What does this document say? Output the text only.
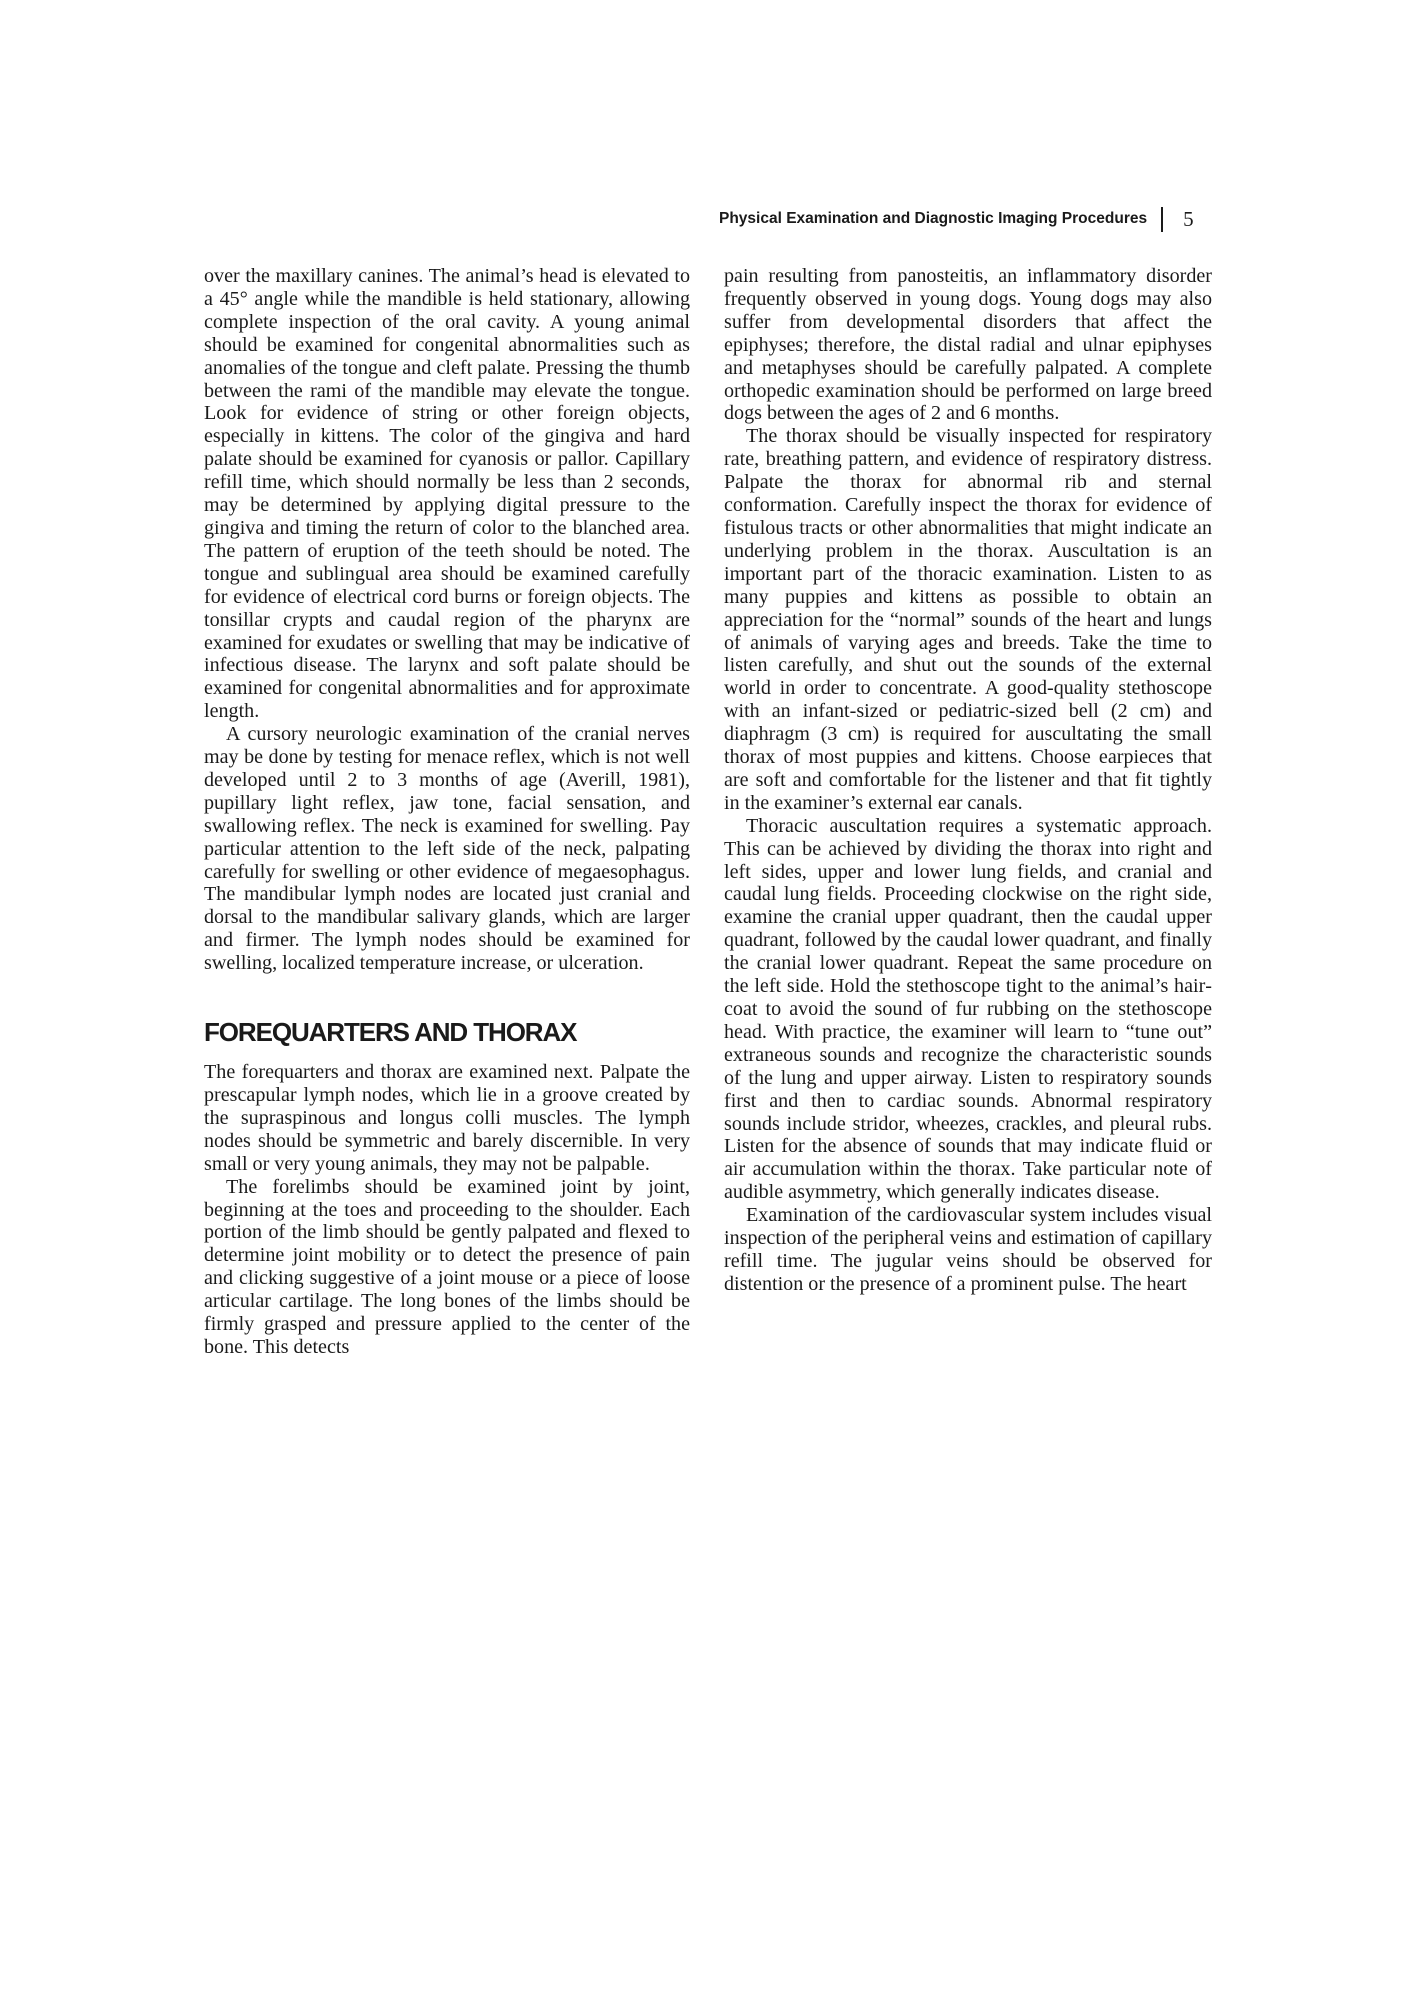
Physical Examination and Diagnostic Imaging Procedures 5

over the maxillary canines. The animal’s head is elevated to a 45° angle while the mandible is held stationary, allowing complete inspection of the oral cavity. A young animal should be examined for congenital abnormalities such as anomalies of the tongue and cleft palate. Pressing the thumb between the rami of the mandible may elevate the tongue. Look for evidence of string or other foreign objects, especially in kittens. The color of the gingiva and hard palate should be examined for cyanosis or pallor. Capillary refill time, which should normally be less than 2 seconds, may be determined by applying digital pressure to the gingiva and timing the return of color to the blanched area. The pattern of eruption of the teeth should be noted. The tongue and sublingual area should be examined carefully for evidence of electrical cord burns or foreign objects. The tonsillar crypts and caudal region of the pharynx are examined for exudates or swelling that may be indicative of infectious disease. The larynx and soft palate should be examined for congenital abnormalities and for approximate length.

A cursory neurologic examination of the cranial nerves may be done by testing for menace reflex, which is not well developed until 2 to 3 months of age (Averill, 1981), pupillary light reflex, jaw tone, facial sensation, and swallowing reflex. The neck is examined for swelling. Pay particular attention to the left side of the neck, palpating carefully for swelling or other evidence of megaesophagus. The mandibular lymph nodes are located just cranial and dorsal to the mandibular salivary glands, which are larger and firmer. The lymph nodes should be examined for swelling, localized temperature increase, or ulceration.

FOREQUARTERS AND THORAX

The forequarters and thorax are examined next. Palpate the prescapular lymph nodes, which lie in a groove created by the supraspinous and longus colli muscles. The lymph nodes should be symmetric and barely discernible. In very small or very young animals, they may not be palpable.

The forelimbs should be examined joint by joint, beginning at the toes and proceeding to the shoulder. Each portion of the limb should be gently palpated and flexed to determine joint mobility or to detect the presence of pain and clicking suggestive of a joint mouse or a piece of loose articular cartilage. The long bones of the limbs should be firmly grasped and pressure applied to the center of the bone. This detects

pain resulting from panosteitis, an inflammatory disorder frequently observed in young dogs. Young dogs may also suffer from developmental disorders that affect the epiphyses; therefore, the distal radial and ulnar epiphyses and metaphyses should be carefully palpated. A complete orthopedic examination should be performed on large breed dogs between the ages of 2 and 6 months.

The thorax should be visually inspected for respiratory rate, breathing pattern, and evidence of respiratory distress. Palpate the thorax for abnormal rib and sternal conformation. Carefully inspect the thorax for evidence of fistulous tracts or other abnormalities that might indicate an underlying problem in the thorax. Auscultation is an important part of the thoracic examination. Listen to as many puppies and kittens as possible to obtain an appreciation for the “normal” sounds of the heart and lungs of animals of varying ages and breeds. Take the time to listen carefully, and shut out the sounds of the external world in order to concentrate. A good-quality stethoscope with an infant-sized or pediatric-sized bell (2 cm) and diaphragm (3 cm) is required for auscultating the small thorax of most puppies and kittens. Choose earpieces that are soft and comfortable for the listener and that fit tightly in the examiner’s external ear canals.

Thoracic auscultation requires a systematic approach. This can be achieved by dividing the thorax into right and left sides, upper and lower lung fields, and cranial and caudal lung fields. Proceeding clockwise on the right side, examine the cranial upper quadrant, then the caudal upper quadrant, followed by the caudal lower quadrant, and finally the cranial lower quadrant. Repeat the same procedure on the left side. Hold the stethoscope tight to the animal’s haircoat to avoid the sound of fur rubbing on the stethoscope head. With practice, the examiner will learn to “tune out” extraneous sounds and recognize the characteristic sounds of the lung and upper airway. Listen to respiratory sounds first and then to cardiac sounds. Abnormal respiratory sounds include stridor, wheezes, crackles, and pleural rubs. Listen for the absence of sounds that may indicate fluid or air accumulation within the thorax. Take particular note of audible asymmetry, which generally indicates disease.

Examination of the cardiovascular system includes visual inspection of the peripheral veins and estimation of capillary refill time. The jugular veins should be observed for distention or the presence of a prominent pulse. The heart
